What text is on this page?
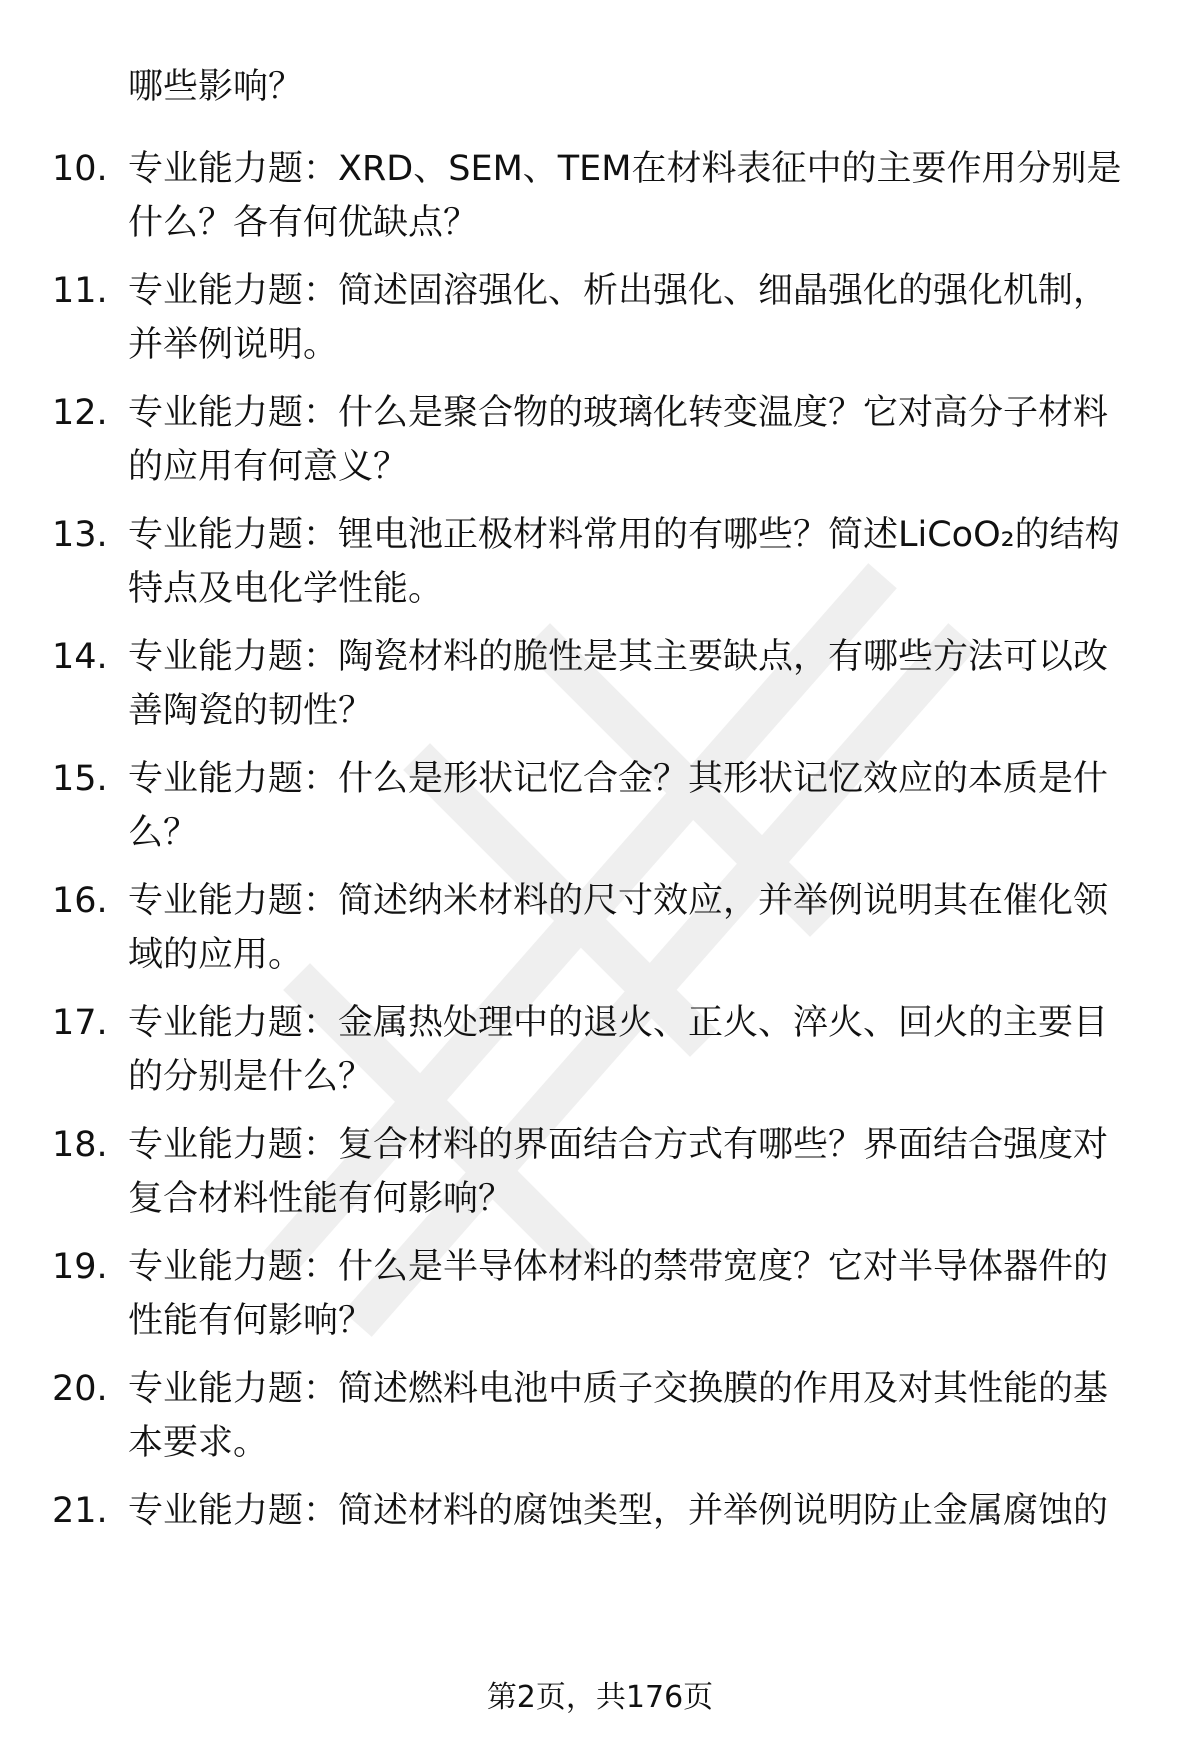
哪些影响？
10. 专业能力题：XRD、SEM、TEM在材料表征中的主要作用分别是
什么？各有何优缺点？
11. 专业能力题：简述固溶强化、析出强化、细晶强化的强化机制，
并举例说明。
12. 专业能力题：什么是聚合物的玻璃化转变温度？它对高分子材料
的应用有何意义？
13. 专业能力题：锂电池正极材料常用的有哪些？简述LiCoO₂的结构
特点及电化学性能。
14. 专业能力题：陶瓷材料的脆性是其主要缺点，有哪些方法可以改
善陶瓷的韧性？
15. 专业能力题：什么是形状记忆合金？其形状记忆效应的本质是什
么？
16. 专业能力题：简述纳米材料的尺寸效应，并举例说明其在催化领
域的应用。
17. 专业能力题：金属热处理中的退火、正火、淬火、回火的主要目
的分别是什么？
18. 专业能力题：复合材料的界面结合方式有哪些？界面结合强度对
复合材料性能有何影响？
19. 专业能力题：什么是半导体材料的禁带宽度？它对半导体器件的
性能有何影响？
20. 专业能力题：简述燃料电池中质子交换膜的作用及对其性能的基
本要求。
21. 专业能力题：简述材料的腐蚀类型，并举例说明防止金属腐蚀的
第2页，共176页
